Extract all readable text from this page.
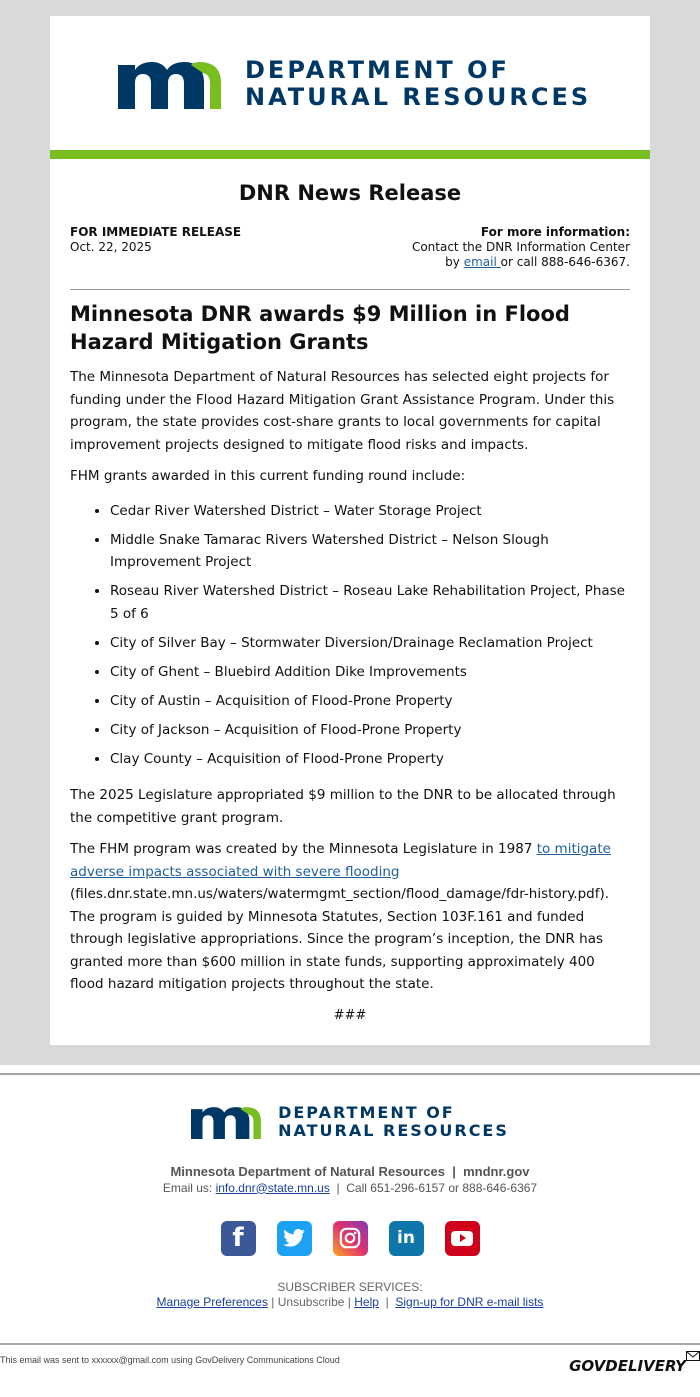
DEPARTMENT OF
NATURAL RESOURCES
DNR News Release
FOR IMMEDIATE RELEASE
Oct. 22, 2025
For more information:
Contact the DNR Information Center
by email or call 888-646-6367.
Minnesota DNR awards $9 Million in Flood Hazard Mitigation Grants

The Minnesota Department of Natural Resources has selected eight projects for funding under the Flood Hazard Mitigation Grant Assistance Program. Under this program, the state provides cost-share grants to local governments for capital improvement projects designed to mitigate flood risks and impacts.

FHM grants awarded in this current funding round include:

• Cedar River Watershed District – Water Storage Project
• Middle Snake Tamarac Rivers Watershed District – Nelson Slough Improvement Project
• Roseau River Watershed District – Roseau Lake Rehabilitation Project, Phase 5 of 6
• City of Silver Bay – Stormwater Diversion/Drainage Reclamation Project
• City of Ghent – Bluebird Addition Dike Improvements
• City of Austin – Acquisition of Flood-Prone Property
• City of Jackson – Acquisition of Flood-Prone Property
• Clay County – Acquisition of Flood-Prone Property

The 2025 Legislature appropriated $9 million to the DNR to be allocated through the competitive grant program.

The FHM program was created by the Minnesota Legislature in 1987 to mitigate adverse impacts associated with severe flooding (files.dnr.state.mn.us/waters/watermgmt_section/flood_damage/fdr-history.pdf). The program is guided by Minnesota Statutes, Section 103F.161 and funded through legislative appropriations. Since the program’s inception, the DNR has granted more than $600 million in state funds, supporting approximately 400 flood hazard mitigation projects throughout the state.

###
DEPARTMENT OF
NATURAL RESOURCES
Minnesota Department of Natural Resources  |  mndnr.gov
Email us: info.dnr@state.mn.us  |  Call 651-296-6157 or 888-646-6367
f	in
SUBSCRIBER SERVICES:
Manage Preferences | Unsubscribe | Help  |  Sign-up for DNR e-mail lists
This email was sent to xxxxxx@gmail.com using GovDelivery Communications Cloud	GOVDELIVERY
